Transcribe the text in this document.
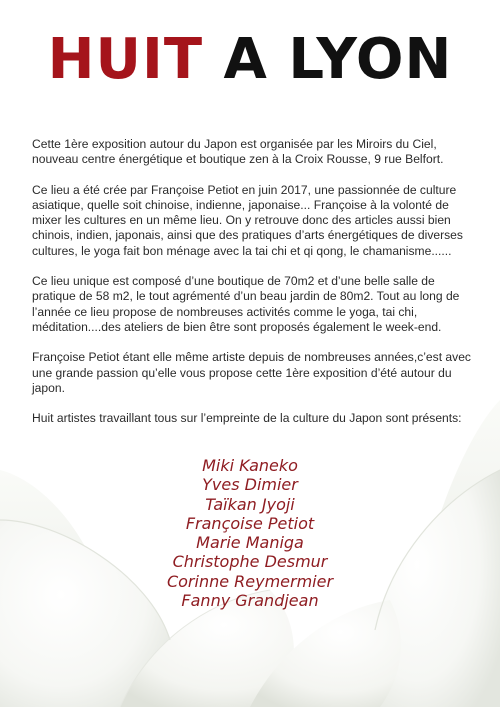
HUIT A LYON

Cette 1ère exposition autour du Japon est organisée par les Miroirs du Ciel, nouveau centre énergétique et boutique zen à la Croix Rousse, 9 rue Belfort.

Ce lieu a été crée par Françoise Petiot en juin 2017, une passionnée de culture asiatique, quelle soit chinoise, indienne, japonaise... Françoise à la volonté de mixer les cultures en un même lieu. On y retrouve donc des articles aussi bien chinois, indien, japonais, ainsi que des pratiques d’arts énergétiques de diverses cultures, le yoga fait bon ménage avec la tai chi et qi qong, le chamanisme......

Ce lieu unique est composé d’une boutique de 70m2 et d’une belle salle de pratique de 58 m2, le tout agrémenté d’un beau jardin de 80m2. Tout au long de l’année ce lieu propose de nombreuses activités comme le yoga, tai chi, méditation....des ateliers de bien être sont proposés également le week-end.

Françoise Petiot étant elle même artiste depuis de nombreuses années,c’est avec une grande passion qu’elle vous propose cette 1ère exposition d’été autour du japon.

Huit artistes travaillant tous sur l’empreinte de la culture du Japon sont présents:

Miki Kaneko
Yves Dimier
Taïkan Jyoji
Françoise Petiot
Marie Maniga
Christophe Desmur
Corinne Reymermier
Fanny Grandjean
